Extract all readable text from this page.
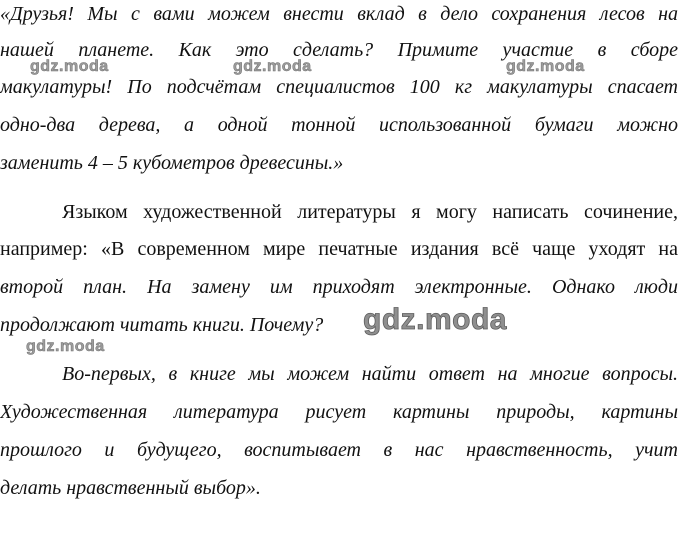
«Друзья! Мы с вами можем внести вклад в дело сохранения лесов на
нашей планете. Как это сделать? Примите участие в сборе
макулатуры! По подсчётам специалистов 100 кг макулатуры спасает
одно-два дерева, а одной тонной использованной бумаги можно
заменить 4 – 5 кубометров древесины.»
Языком художественной литературы я могу написать сочинение,
например: «В современном мире печатные издания всё чаще уходят на
второй план. На замену им приходят электронные. Однако люди
продолжают читать книги. Почему?
Во-первых, в книге мы можем найти ответ на многие вопросы.
Художественная литература рисует картины природы, картины
прошлого и будущего, воспитывает в нас нравственность, учит
делать нравственный выбор».
gdz.moda	gdz.moda	gdz.moda
gdz.moda
gdz.moda
